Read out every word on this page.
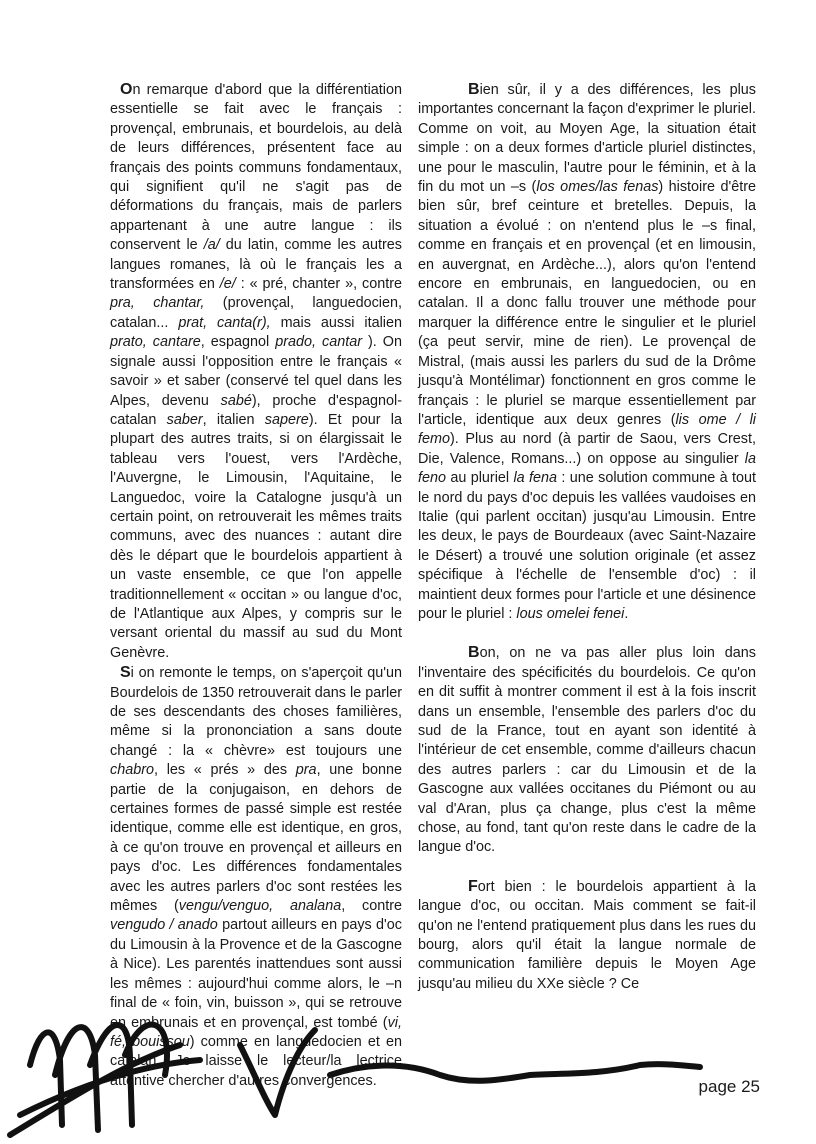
On remarque d'abord que la différentiation essentielle se fait avec le français : provençal, embrunais, et bourdelois, au delà de leurs différences, présentent face au français des points communs fondamentaux, qui signifient qu'il ne s'agit pas de déformations du français, mais de parlers appartenant à une autre langue : ils conservent le /a/ du latin, comme les autres langues romanes, là où le français les a transformées en /e/ : « pré, chanter », contre pra, chantar, (provençal, languedocien, catalan... prat, canta(r), mais aussi italien prato, cantare, espagnol prado, cantar ). On signale aussi l'opposition entre le français « savoir » et saber (conservé tel quel dans les Alpes, devenu sabé), proche d'espagnol-catalan saber, italien sapere). Et pour la plupart des autres traits, si on élargissait le tableau vers l'ouest, vers l'Ardèche, l'Auvergne, le Limousin, l'Aquitaine, le Languedoc, voire la Catalogne jusqu'à un certain point, on retrouverait les mêmes traits communs, avec des nuances : autant dire dès le départ que le bourdelois appartient à un vaste ensemble, ce que l'on appelle traditionnellement « occitan » ou langue d'oc, de l'Atlantique aux Alpes, y compris sur le versant oriental du massif au sud du Mont Genèvre.

Si on remonte le temps, on s'aperçoit qu'un Bourdelois de 1350 retrouverait dans le parler de ses descendants des choses familières, même si la prononciation a sans doute changé : la « chèvre» est toujours une chabro, les « prés » des pra, une bonne partie de la conjugaison, en dehors de certaines formes de passé simple est restée identique, comme elle est identique, en gros, à ce qu'on trouve en provençal et ailleurs en pays d'oc. Les différences fondamentales avec les autres parlers d'oc sont restées les mêmes (vengu/venguo, analana, contre vengudo / anado partout ailleurs en pays d'oc du Limousin à la Provence et de la Gascogne à Nice). Les parentés inattendues sont aussi les mêmes : aujourd'hui comme alors, le –n final de « foin, vin, buisson », qui se retrouve en embrunais et en provençal, est tombé (vi, fé, bouissou) comme en languedocien et en catalan. Je laisse le lecteur/la lectrice attentive chercher d'autres convergences.

Bien sûr, il y a des différences, les plus importantes concernant la façon d'exprimer le pluriel. Comme on voit, au Moyen Age, la situation était simple : on a deux formes d'article pluriel distinctes, une pour le masculin, l'autre pour le féminin, et à la fin du mot un –s (los omes/las fenas) histoire d'être bien sûr, bref ceinture et bretelles. Depuis, la situation a évolué : on n'entend plus le –s final, comme en français et en provençal (et en limousin, en auvergnat, en Ardèche...), alors qu'on l'entend encore en embrunais, en languedocien, ou en catalan. Il a donc fallu trouver une méthode pour marquer la différence entre le singulier et le pluriel (ça peut servir, mine de rien). Le provençal de Mistral, (mais aussi les parlers du sud de la Drôme jusqu'à Montélimar) fonctionnent en gros comme le français : le pluriel se marque essentiellement par l'article, identique aux deux genres (lis ome / li femo). Plus au nord (à partir de Saou, vers Crest, Die, Valence, Romans...) on oppose au singulier la feno au pluriel la fena : une solution commune à tout le nord du pays d'oc depuis les vallées vaudoises en Italie (qui parlent occitan) jusqu'au Limousin. Entre les deux, le pays de Bourdeaux (avec Saint-Nazaire le Désert) a trouvé une solution originale (et assez spécifique à l'échelle de l'ensemble d'oc) : il maintient deux formes pour l'article et une désinence pour le pluriel : lous omelei fenei.

Bon, on ne va pas aller plus loin dans l'inventaire des spécificités du bourdelois. Ce qu'on en dit suffit à montrer comment il est à la fois inscrit dans un ensemble, l'ensemble des parlers d'oc du sud de la France, tout en ayant son identité à l'intérieur de cet ensemble, comme d'ailleurs chacun des autres parlers : car du Limousin et de la Gascogne aux vallées occitanes du Piémont ou au val d'Aran, plus ça change, plus c'est la même chose, au fond, tant qu'on reste dans le cadre de la langue d'oc.

Fort bien : le bourdelois appartient à la langue d'oc, ou occitan. Mais comment se fait-il qu'on ne l'entend pratiquement plus dans les rues du bourg, alors qu'il était la langue normale de communication familière depuis le Moyen Age jusqu'au milieu du XXe siècle ? Ce

page 25
